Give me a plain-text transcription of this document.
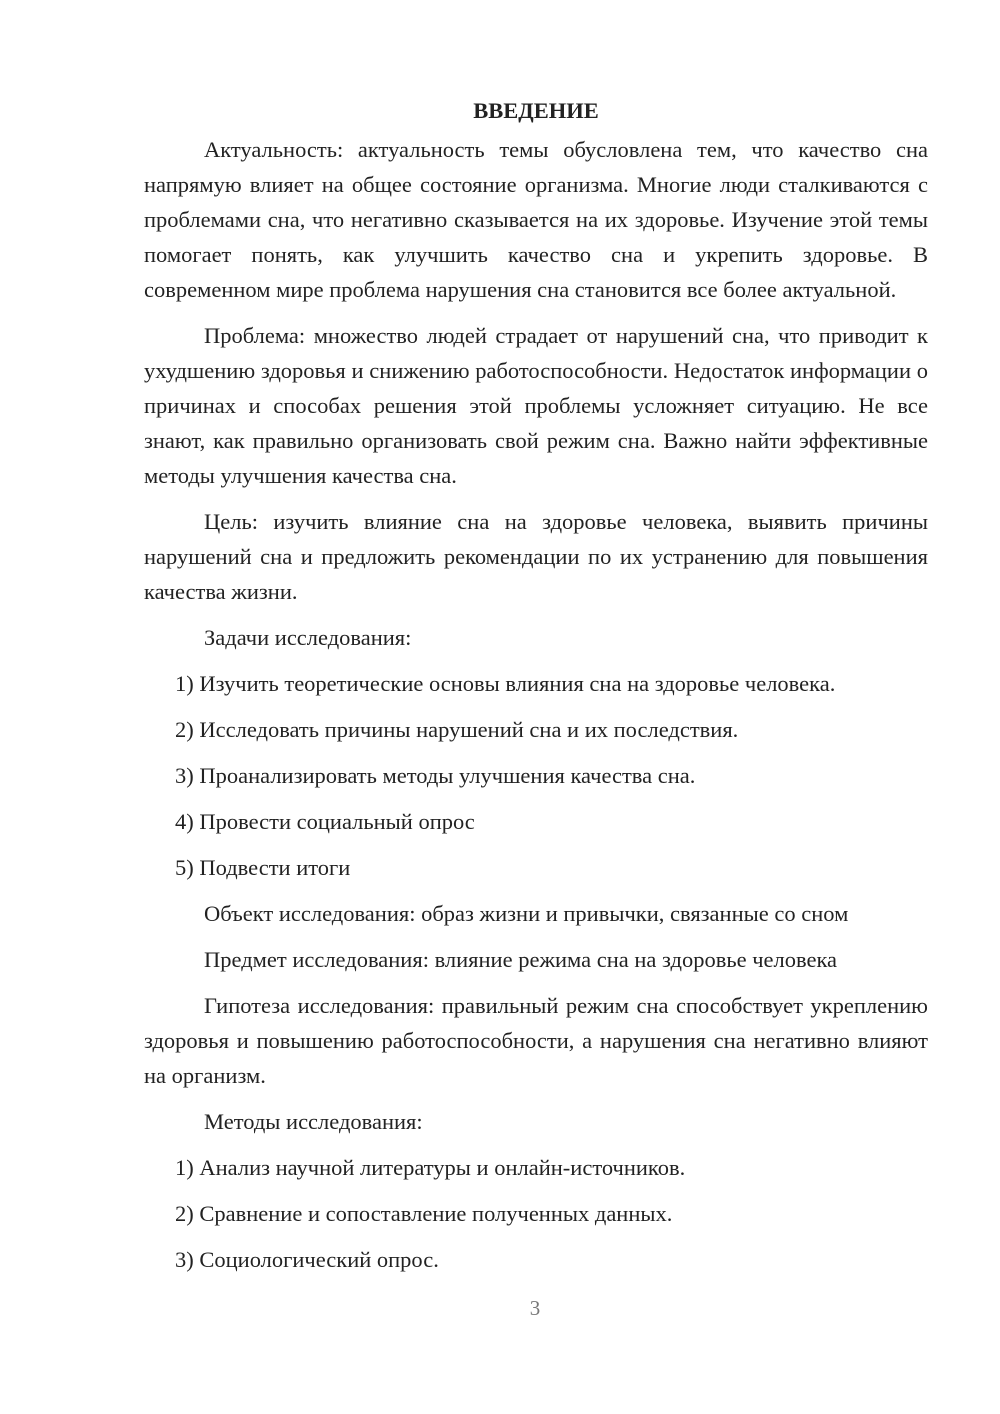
ВВЕДЕНИЕ

Актуальность: актуальность темы обусловлена тем, что качество сна напрямую влияет на общее состояние организма. Многие люди сталкиваются с проблемами сна, что негативно сказывается на их здоровье. Изучение этой темы помогает понять, как улучшить качество сна и укрепить здоровье. В современном мире проблема нарушения сна становится все более актуальной.

Проблема: множество людей страдает от нарушений сна, что приводит к ухудшению здоровья и снижению работоспособности. Недостаток информации о причинах и способах решения этой проблемы усложняет ситуацию. Не все знают, как правильно организовать свой режим сна. Важно найти эффективные методы улучшения качества сна.

Цель: изучить влияние сна на здоровье человека, выявить причины нарушений сна и предложить рекомендации по их устранению для повышения качества жизни.

Задачи исследования:

1) Изучить теоретические основы влияния сна на здоровье человека.

2) Исследовать причины нарушений сна и их последствия.

3) Проанализировать методы улучшения качества сна.

4) Провести социальный опрос

5) Подвести итоги

Объект исследования: образ жизни и привычки, связанные со сном

Предмет исследования: влияние режима сна на здоровье человека

Гипотеза исследования: правильный режим сна способствует укреплению здоровья и повышению работоспособности, а нарушения сна негативно влияют на организм.

Методы исследования:

1) Анализ научной литературы и онлайн-источников.

2) Сравнение и сопоставление полученных данных.

3) Социологический опрос.

3
